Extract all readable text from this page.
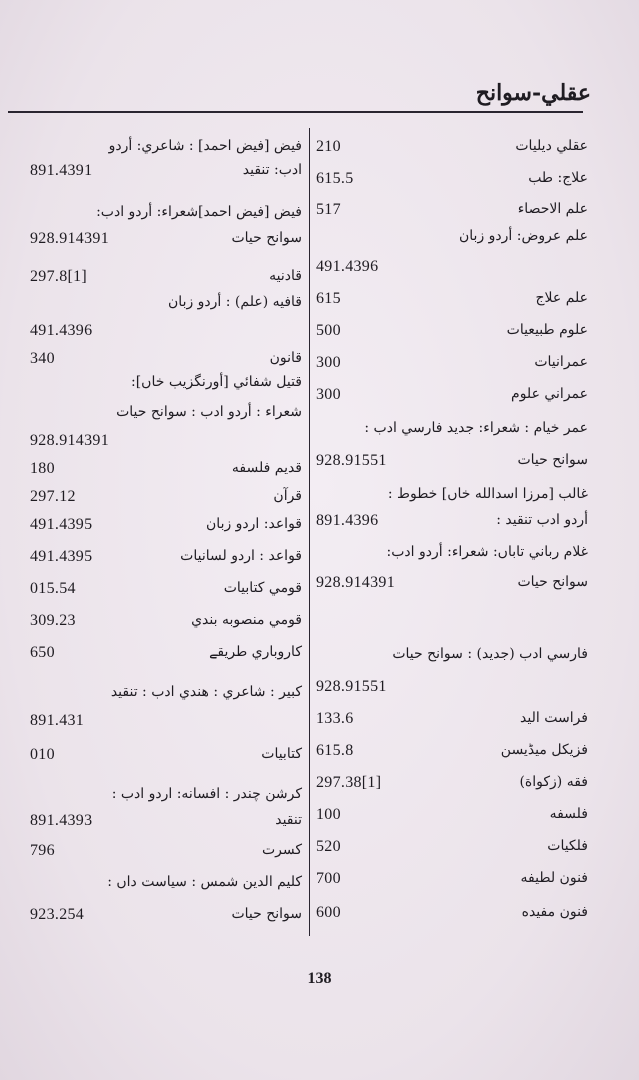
عقلي-سوانح
210	عقلي ديليات
615.5	علاج: طب
517	علم الاحصاء
علم عروض: أردو زبان
491.4396
615	علم علاج
500	علوم طبيعيات
300	عمرانيات
300	عمراني علوم
عمر خيام : شعراء: جديد فارسي ادب :
928.91551	سوانح حيات
غالب [مرزا اسدالله خاں] خطوط :
891.4396	أردو ادب تنقيد :
غلام رباني تاباں: شعراء: أردو ادب:
928.914391	سوانح حيات
فارسي ادب (جديد) : سوانح حيات
928.91551
133.6	فراست اليد
615.8	فزيكل ميڈيسن
297.38[1]	فقه (زكواة)
100	فلسفه
520	فلكيات
700	فنون لطيفه
600	فنون مفيده
فيض [فيض احمد] : شاعري: أردو
891.4391	ادب: تنقيد
فيض [فيض احمد]شعراء: أردو ادب:
928.914391	سوانح حيات
297.8[1]	قادنيه
قافيه (علم) : أردو زبان
491.4396
340	قانون
قتيل شفائي [أورنگزيب خاں]:
شعراء : أردو ادب : سوانح حيات
928.914391
180	قديم فلسفه
297.12	قرآن
491.4395	قواعد: اردو زبان
491.4395	قواعد : اردو لسانيات
015.54	قومي كتابيات
309.23	قومي منصوبه بندي
650	كاروباري طريقے
كبير : شاعري : هندي ادب : تنقيد
891.431
010	كتابيات
كرشن چندر : افسانه: اردو ادب :
891.4393	تنقيد
796	كسرت
كليم الدين شمس : سياست داں :
923.254	سوانح حيات
138
